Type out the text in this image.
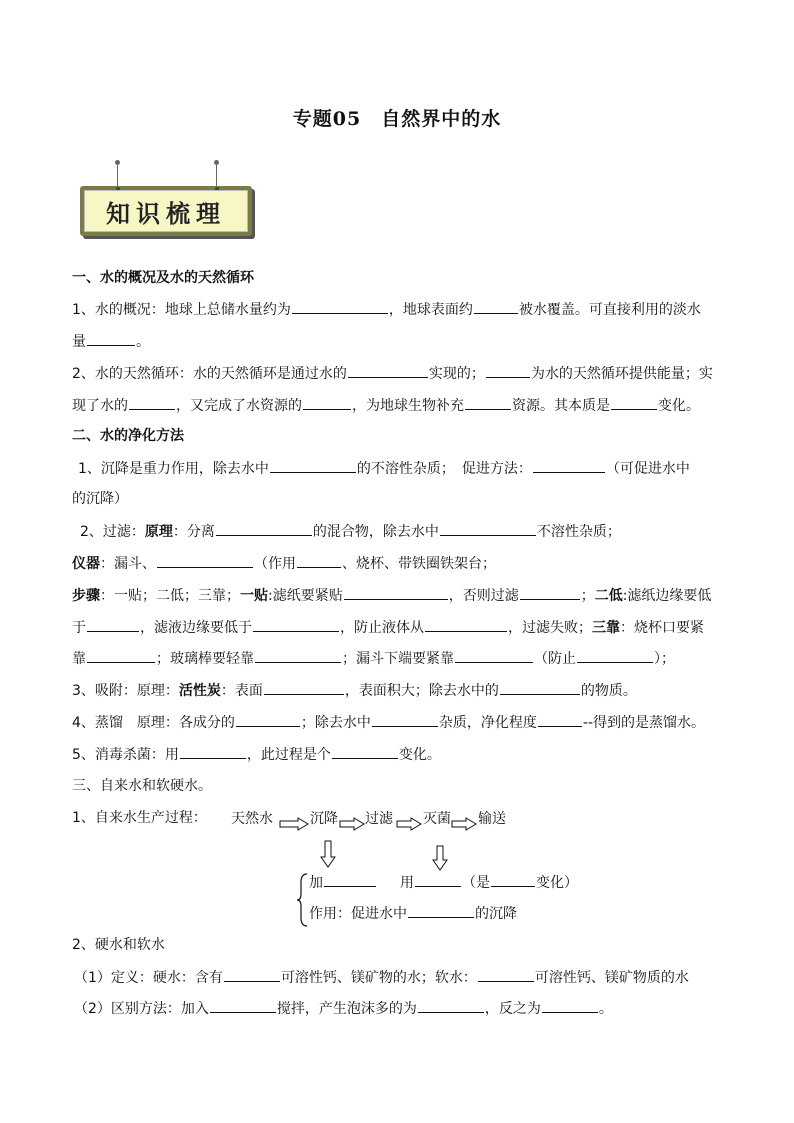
专题05　自然界中的水
知识梳理
一、水的概况及水的天然循环
1、水的概况：地球上总储水量约为	，地球表面约	被水覆盖。可直接利用的淡水
量	。
2、水的天然循环：水的天然循环是通过水的	实现的；	为水的天然循环提供能量；实
现了水的	，又完成了水资源的	，为地球生物补充	资源。其本质是	变化。
二、水的净化方法
1、沉降是重力作用，除去水中	的不溶性杂质；　促进方法：	（可促进水中
的沉降）
2、过滤：原理：分离	的混合物，除去水中	不溶性杂质；
仪器：漏斗、	（作用	、烧杯、带铁圈铁架台；
步骤：一贴；二低；三靠；一贴:滤纸要紧贴	，否则过滤	；二低:滤纸边缘要低
于	，滤液边缘要低于	，防止液体从	，过滤失败；三靠：烧杯口要紧
靠	；玻璃棒要轻靠	；漏斗下端要紧靠	（防止	）；
3、吸附：原理：活性炭：表面	，表面积大；除去水中的	的物质。
4、蒸馏　原理：各成分的	；除去水中	杂质，净化程度	--得到的是蒸馏水。
5、消毒杀菌：用	，此过程是个	变化。
三、自来水和软硬水。
1、自来水生产过程：	天然水	沉降 过滤 灭菌 输送
加	用	（是	变化）
作用：促进水中	的沉降
2、硬水和软水
（1）定义：硬水：含有	可溶性钙、镁矿物的水；软水：	可溶性钙、镁矿物质的水
（2）区别方法：加入	搅拌，产生泡沫多的为	，反之为	。
